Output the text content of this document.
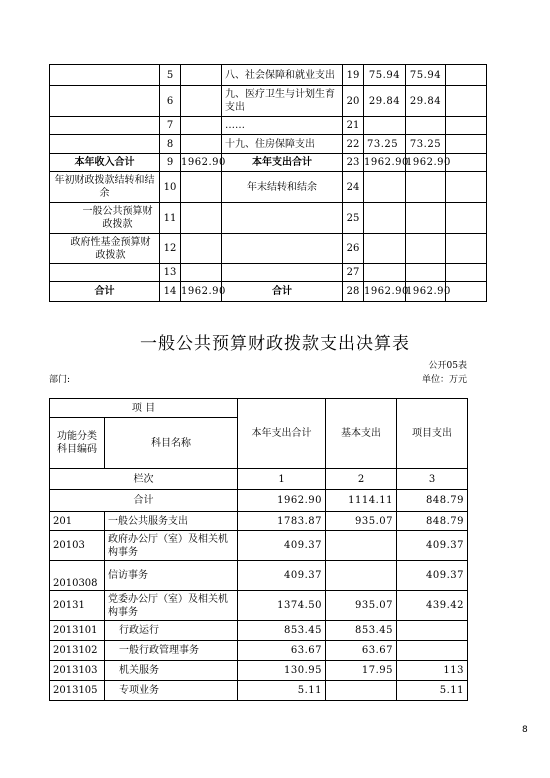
	5		八、社会保障和就业支出	19	75.94	75.94	
	6		九、医疗卫生与计划生育支出	20	29.84	29.84	
	7		……	21			
	8		十九、住房保障支出	22	73.25	73.25	
本年收入合计	9	1962.90	本年支出合计	23	1962.90	1962.90	
年初财政拨款结转和结余	10		年末结转和结余	24			
一般公共预算财政拨款	11			25			
政府性基金预算财政拨款	12			26			
	13			27			
合计	14	1962.90	合计	28	1962.90	1962.90	
一般公共预算财政拨款支出决算表
公开05表
部门:	单位：万元
项 目		本年支出合计	基本支出	项目支出
功能分类科目编码	科目名称			
栏次		1	2	3
合计		1962.90	1114.11	848.79
201	一般公共服务支出	1783.87	935.07	848.79
20103	政府办公厅（室）及相关机构事务	409.37		409.37
2010308	信访事务	409.37		409.37
20131	党委办公厅（室）及相关机构事务	1374.50	935.07	439.42
2013101	行政运行	853.45	853.45	
2013102	一般行政管理事务	63.67	63.67	
2013103	机关服务	130.95	17.95	113
2013105	专项业务	5.11		5.11
8
